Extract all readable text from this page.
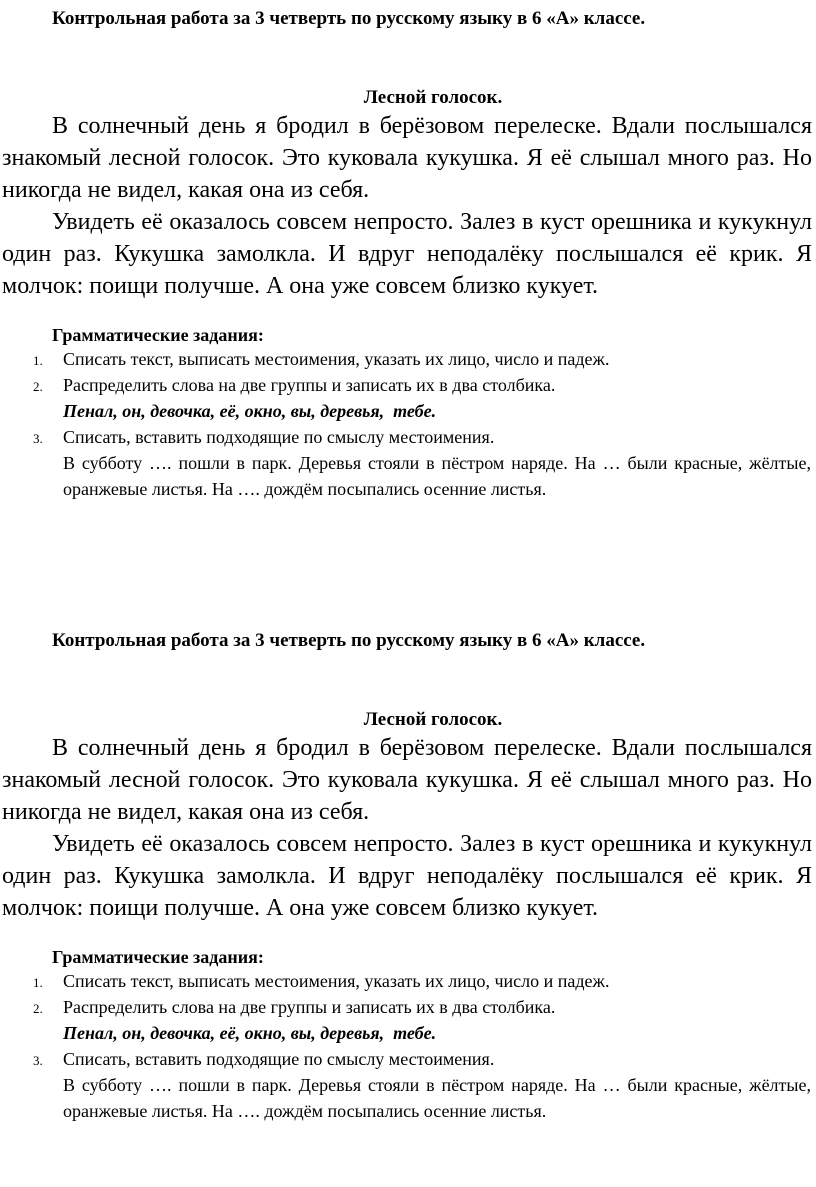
Контрольная работа за 3 четверть по русскому языку в 6 «А» классе.
Лесной голосок.

В солнечный день я бродил в берёзовом перелеске. Вдали послышался знакомый лесной голосок. Это куковала кукушка. Я её слышал много раз. Но никогда не видел, какая она из себя.

Увидеть её оказалось совсем непросто. Залез в куст орешника и кукукнул один раз. Кукушка замолкла. И вдруг неподалёку послышался её крик. Я молчок: поищи получше. А она уже совсем близко кукует.

Грамматические задания:
1. Списать текст, выписать местоимения, указать их лицо, число и падеж.
2. Распределить слова на две группы и записать их в два столбика.
Пенал, он, девочка, её, окно, вы, деревья,  тебе.
3. Списать, вставить подходящие по смыслу местоимения.
В субботу …. пошли в парк. Деревья стояли в пёстром наряде. На … были красные, жёлтые, оранжевые листья. На …. дождём посыпались осенние листья.
Контрольная работа за 3 четверть по русскому языку в 6 «А» классе.
Лесной голосок.

В солнечный день я бродил в берёзовом перелеске. Вдали послышался знакомый лесной голосок. Это куковала кукушка. Я её слышал много раз. Но никогда не видел, какая она из себя.

Увидеть её оказалось совсем непросто. Залез в куст орешника и кукукнул один раз. Кукушка замолкла. И вдруг неподалёку послышался её крик. Я молчок: поищи получше. А она уже совсем близко кукует.

Грамматические задания:
1. Списать текст, выписать местоимения, указать их лицо, число и падеж.
2. Распределить слова на две группы и записать их в два столбика.
Пенал, он, девочка, её, окно, вы, деревья,  тебе.
3. Списать, вставить подходящие по смыслу местоимения.
В субботу …. пошли в парк. Деревья стояли в пёстром наряде. На … были красные, жёлтые, оранжевые листья. На …. дождём посыпались осенние листья.
